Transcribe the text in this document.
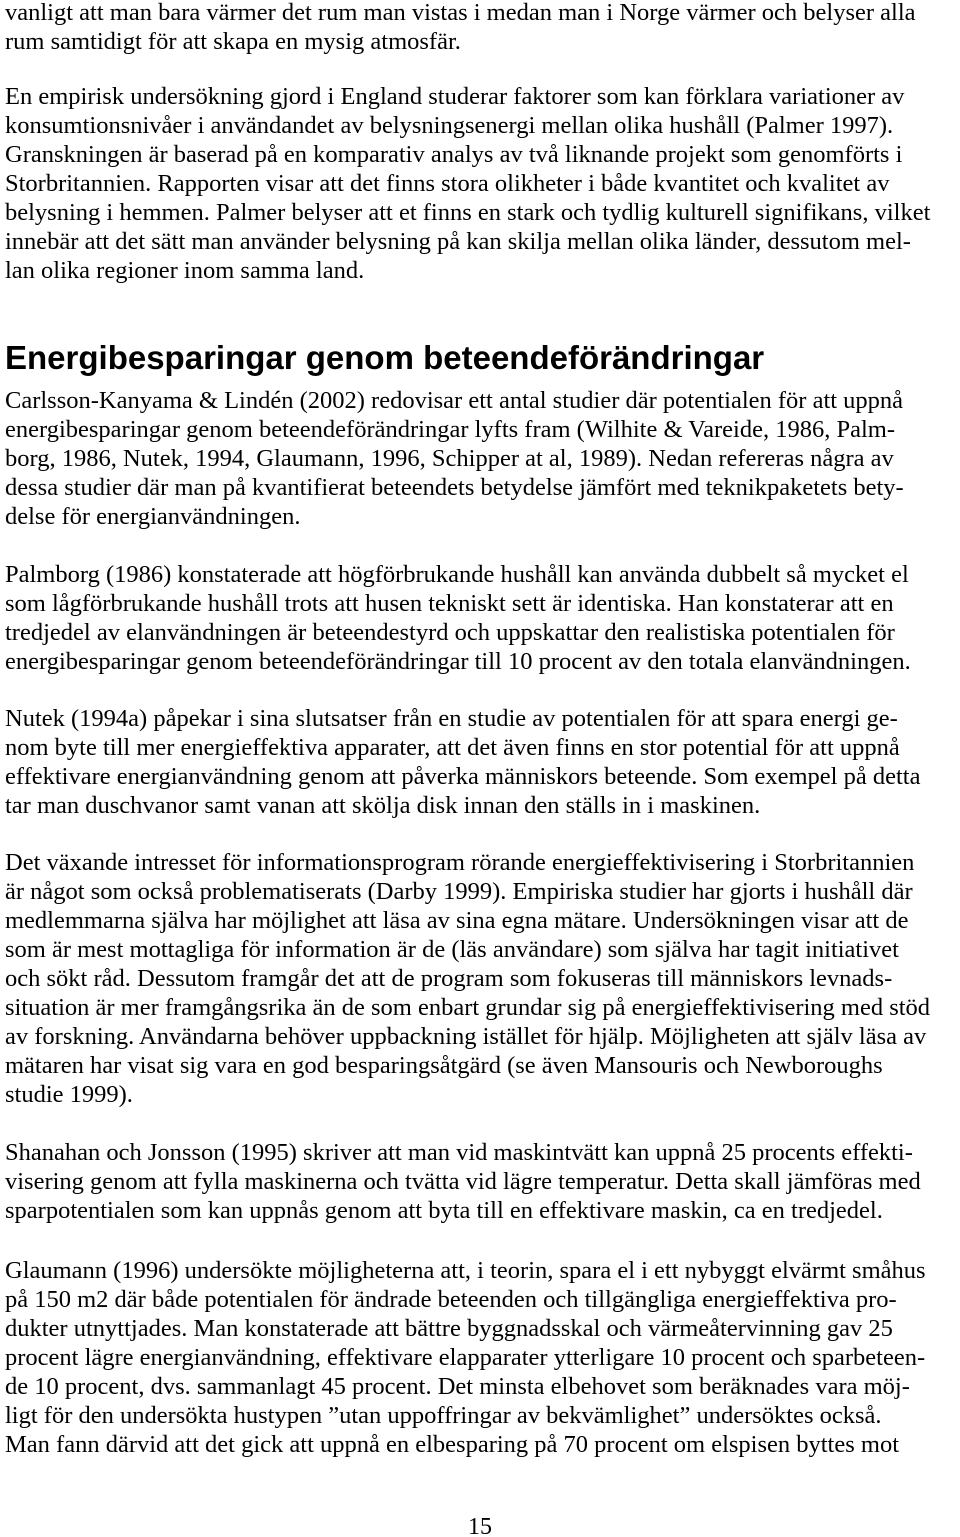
vanligt att man bara värmer det rum man vistas i medan man i Norge värmer och belyser alla
rum samtidigt för att skapa en mysig atmosfär.
En empirisk undersökning gjord i England studerar faktorer som kan förklara variationer av
konsumtionsnivåer i användandet av belysningsenergi mellan olika hushåll (Palmer 1997).
Granskningen är baserad på en komparativ analys av två liknande projekt som genomförts i
Storbritannien. Rapporten visar att det finns stora olikheter i både kvantitet och kvalitet av
belysning i hemmen. Palmer belyser att et finns en stark och tydlig kulturell signifikans, vilket
innebär att det sätt man använder belysning på kan skilja mellan olika länder, dessutom mel-
lan olika regioner inom samma land.
Energibesparingar genom beteendeförändringar
Carlsson-Kanyama & Lindén (2002) redovisar ett antal studier där potentialen för att uppnå
energibesparingar genom beteendeförändringar lyfts fram (Wilhite & Vareide, 1986, Palm-
borg, 1986, Nutek, 1994, Glaumann, 1996, Schipper at al, 1989). Nedan refereras några av
dessa studier där man på kvantifierat beteendets betydelse jämfört med teknikpaketets bety-
delse för energianvändningen.
Palmborg (1986) konstaterade att högförbrukande hushåll kan använda dubbelt så mycket el
som lågförbrukande hushåll trots att husen tekniskt sett är identiska. Han konstaterar att en
tredjedel av elanvändningen är beteendestyrd och uppskattar den realistiska potentialen för
energibesparingar genom beteendeförändringar till 10 procent av den totala elanvändningen.
Nutek (1994a) påpekar i sina slutsatser från en studie av potentialen för att spara energi ge-
nom byte till mer energieffektiva apparater, att det även finns en stor potential för att uppnå
effektivare energianvändning genom att påverka människors beteende. Som exempel på detta
tar man duschvanor samt vanan att skölja disk innan den ställs in i maskinen.
Det växande intresset för informationsprogram rörande energieffektivisering i Storbritannien
är något som också problematiserats (Darby 1999). Empiriska studier har gjorts i hushåll där
medlemmarna själva har möjlighet att läsa av sina egna mätare. Undersökningen visar att de
som är mest mottagliga för information är de (läs användare) som själva har tagit initiativet
och sökt råd. Dessutom framgår det att de program som fokuseras till människors levnads-
situation är mer framgångsrika än de som enbart grundar sig på energieffektivisering med stöd
av forskning. Användarna behöver uppbackning istället för hjälp. Möjligheten att själv läsa av
mätaren har visat sig vara en god besparingsåtgärd (se även Mansouris och Newboroughs
studie 1999).
Shanahan och Jonsson (1995) skriver att man vid maskintvätt kan uppnå 25 procents effekti-
visering genom att fylla maskinerna och tvätta vid lägre temperatur. Detta skall jämföras med
sparpotentialen som kan uppnås genom att byta till en effektivare maskin, ca en tredjedel.
Glaumann (1996) undersökte möjligheterna att, i teorin, spara el i ett nybyggt elvärmt småhus
på 150 m2 där både potentialen för ändrade beteenden och tillgängliga energieffektiva pro-
dukter utnyttjades. Man konstaterade att bättre byggnadsskal och värmeåtervinning gav 25
procent lägre energianvändning, effektivare elapparater ytterligare 10 procent och sparbeteen-
de 10 procent, dvs. sammanlagt 45 procent. Det minsta elbehovet som beräknades vara möj-
ligt för den undersökta hustypen ”utan uppoffringar av bekvämlighet” undersöktes också.
Man fann därvid att det gick att uppnå en elbesparing på 70 procent om elspisen byttes mot
15
